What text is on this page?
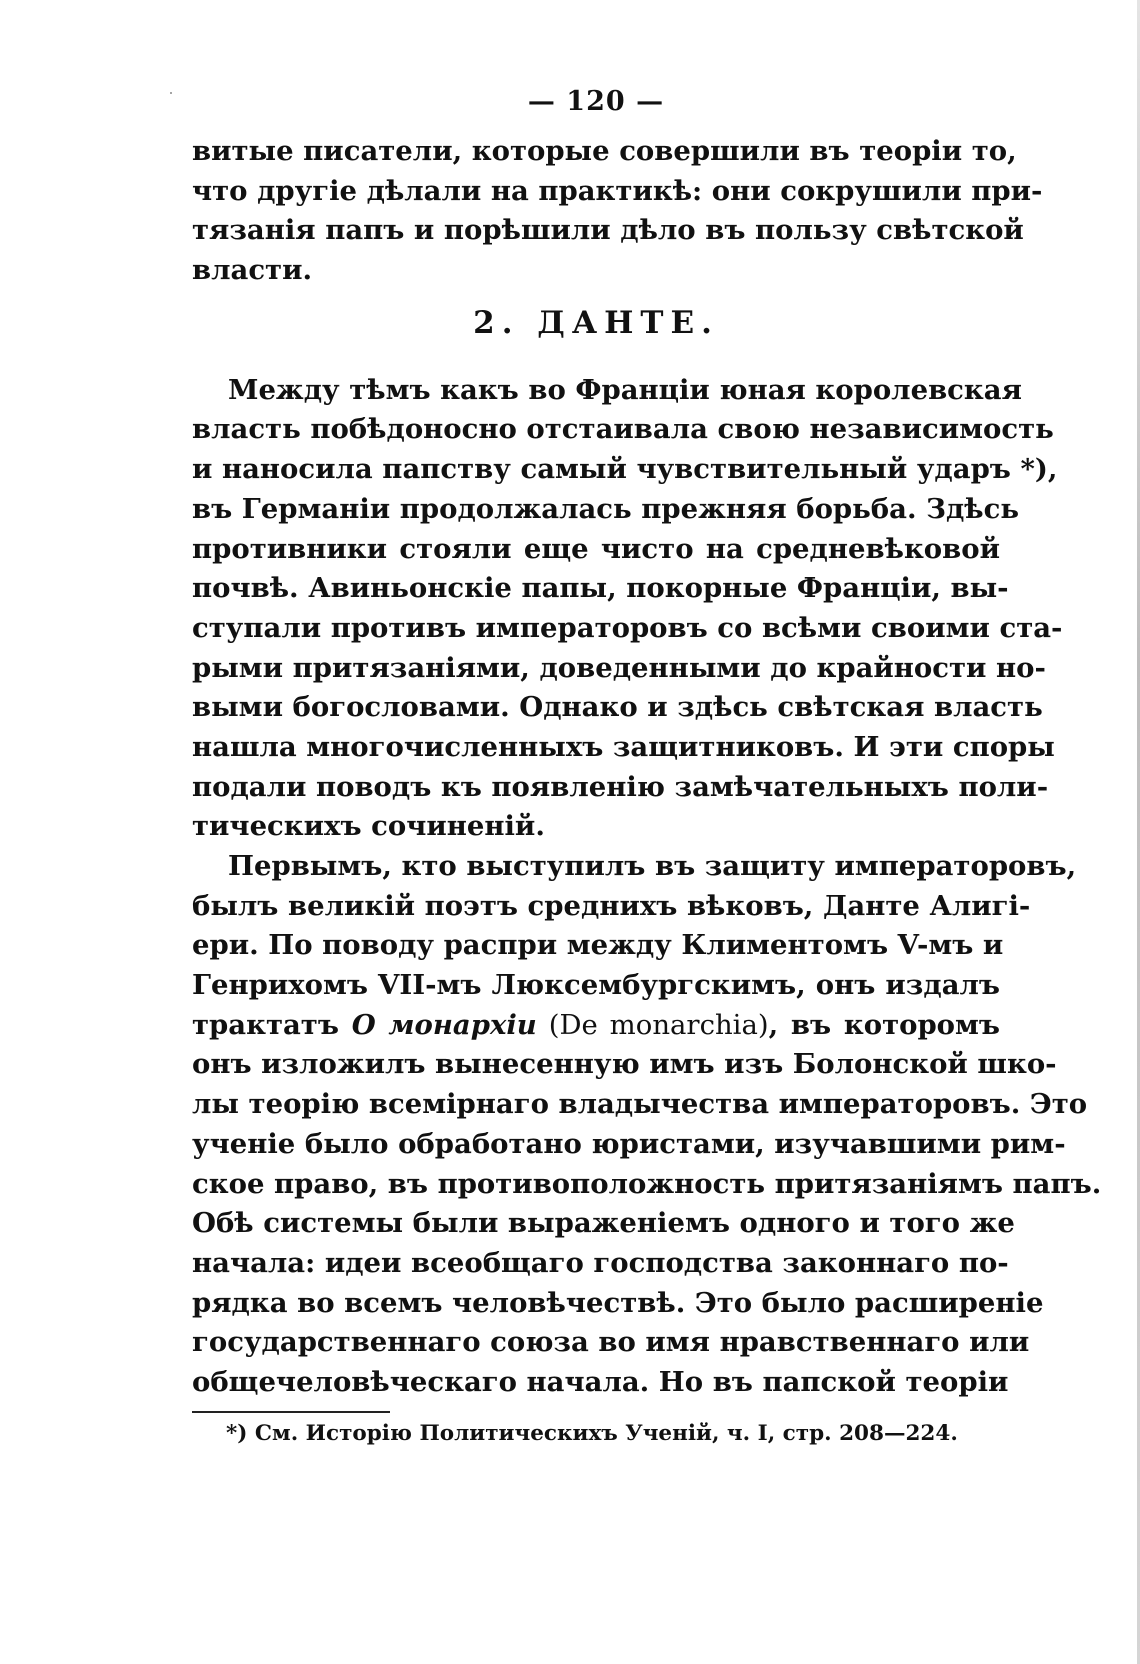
— 120 —
витые писатели, которые совершили въ теоріи то,
что другіе дѣлали на практикѣ: они сокрушили при-
тязанія папъ и порѣшили дѣло въ пользу свѣтской
власти.
2. ДАНТЕ.
Между тѣмъ какъ во Франціи юная королевская
власть побѣдоносно отстаивала свою независимость
и наносила папству самый чувствительный ударъ *),
въ Германіи продолжалась прежняя борьба. Здѣсь
противники стояли еще чисто на средневѣковой
почвѣ. Авиньонскіе папы, покорные Франціи, вы-
ступали противъ императоровъ со всѣми своими ста-
рыми притязаніями, доведенными до крайности но-
выми богословами. Однако и здѣсь свѣтская власть
нашла многочисленныхъ защитниковъ. И эти споры
подали поводъ къ появленію замѣчательныхъ поли-
тическихъ сочиненій.
Первымъ, кто выступилъ въ защиту императоровъ,
былъ великій поэтъ среднихъ вѣковъ, Данте Алигі-
ери. По поводу распри между Климентомъ V-мъ и
Генрихомъ VII-мъ Люксембургскимъ, онъ издалъ
трактатъ О монархіи (De monarchia), въ которомъ
онъ изложилъ вынесенную имъ изъ Болонской шко-
лы теорію всемірнаго владычества императоровъ. Это
ученіе было обработано юристами, изучавшими рим-
ское право, въ противоположность притязаніямъ папъ.
Обѣ системы были выраженіемъ одного и того же
начала: идеи всеобщаго господства законнаго по-
рядка во всемъ человѣчествѣ. Это было расширеніе
государственнаго союза во имя нравственнаго или
общечеловѣческаго начала. Но въ папской теоріи
*) См. Исторію Политическихъ Ученій, ч. I, стр. 208—224.
